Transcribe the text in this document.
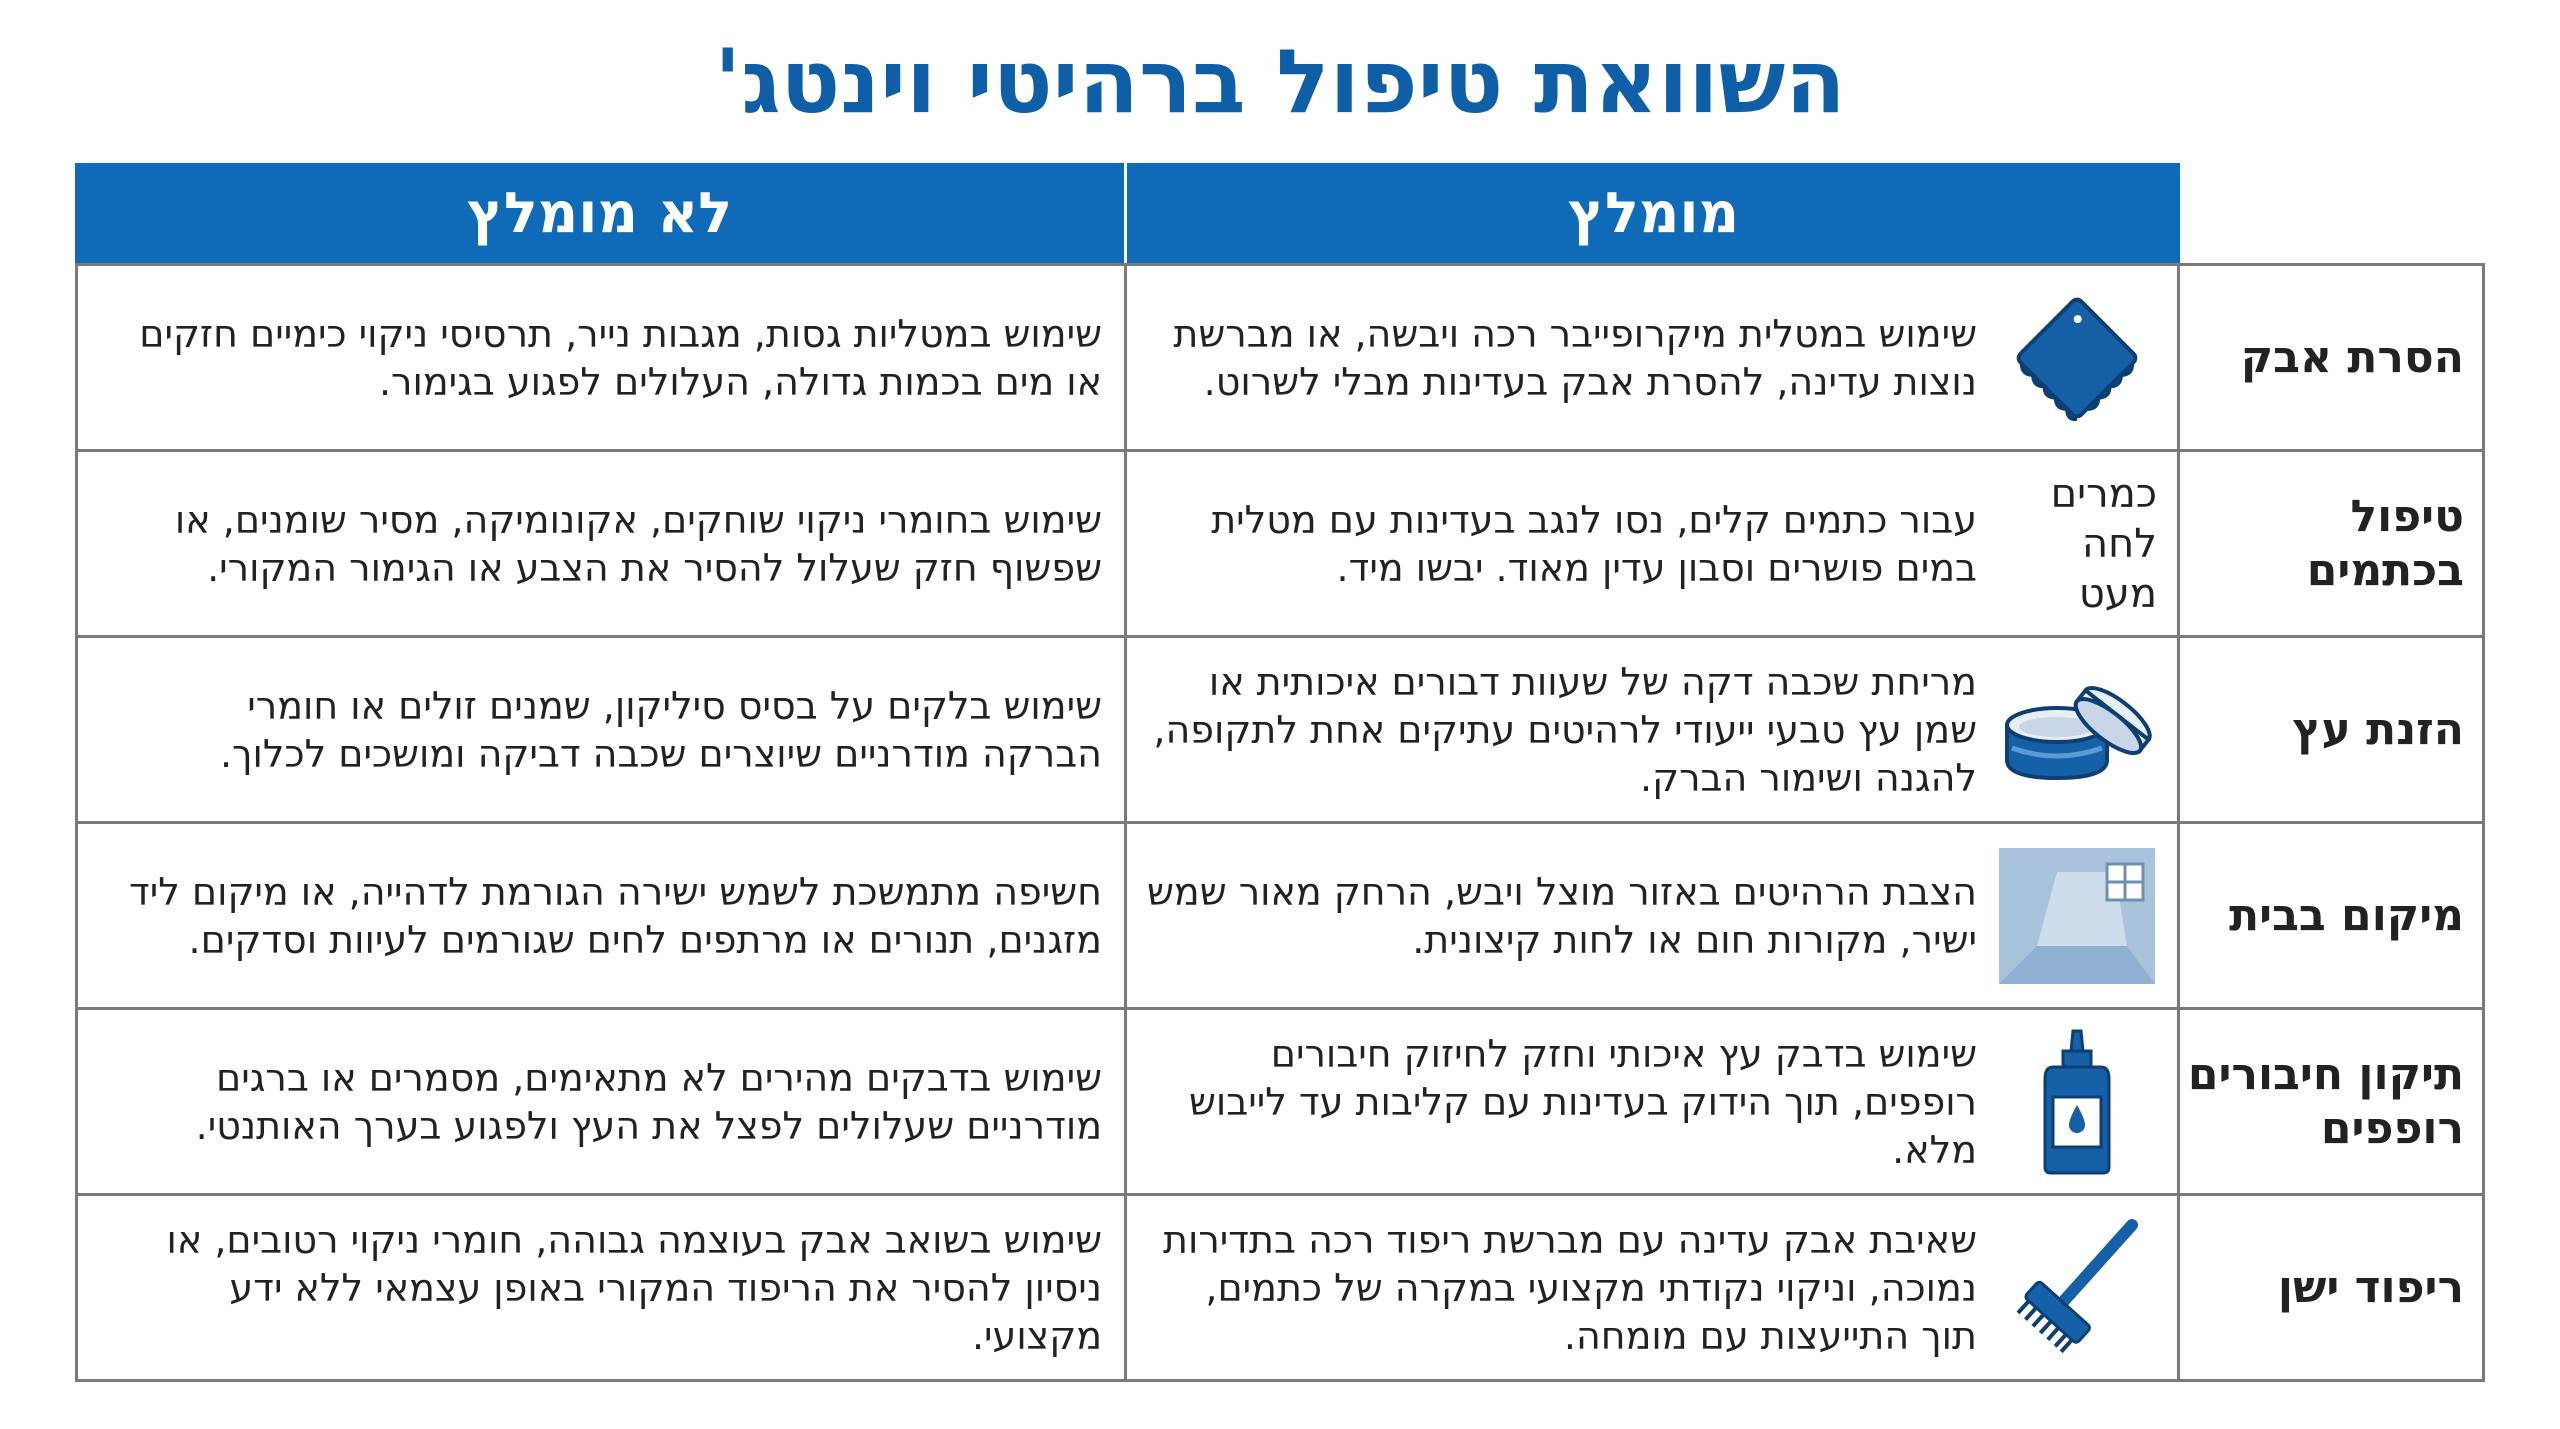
השוואת טיפול ברהיטי וינטג'
מומלץ
לא מומלץ
הסרת אבק
שימוש במטלית מיקרופייבר רכה ויבשה, או מברשת נוצות עדינה, להסרת אבק בעדינות מבלי לשרוט.
שימוש במטליות גסות, מגבות נייר, תרסיסי ניקוי כימיים חזקים או מים בכמות גדולה, העלולים לפגוע בגימור.
טיפול בכתמים
כמרים לחה מעט
עבור כתמים קלים, נסו לנגב בעדינות עם מטלית במים פושרים וסבון עדין מאוד. יבשו מיד.
שימוש בחומרי ניקוי שוחקים, אקונומיקה, מסיר שומנים, או שפשוף חזק שעלול להסיר את הצבע או הגימור המקורי.
הזנת עץ
מריחת שכבה דקה של שעוות דבורים איכותית או שמן עץ טבעי ייעודי לרהיטים עתיקים אחת לתקופה, להגנה ושימור הברק.
שימוש בלקים על בסיס סיליקון, שמנים זולים או חומרי הברקה מודרניים שיוצרים שכבה דביקה ומושכים לכלוך.
מיקום בבית
הצבת הרהיטים באזור מוצל ויבש, הרחק מאור שמש ישיר, מקורות חום או לחות קיצונית.
חשיפה מתמשכת לשמש ישירה הגורמת לדהייה, או מיקום ליד מזגנים, תנורים או מרתפים לחים שגורמים לעיוות וסדקים.
תיקון חיבורים רופפים
שימוש בדבק עץ איכותי וחזק לחיזוק חיבורים רופפים, תוך הידוק בעדינות עם קליבות עד לייבוש מלא.
שימוש בדבקים מהירים לא מתאימים, מסמרים או ברגים מודרניים שעלולים לפצל את העץ ולפגוע בערך האותנטי.
ריפוד ישן
שאיבת אבק עדינה עם מברשת ריפוד רכה בתדירות נמוכה, וניקוי נקודתי מקצועי במקרה של כתמים, תוך התייעצות עם מומחה.
שימוש בשואב אבק בעוצמה גבוהה, חומרי ניקוי רטובים, או ניסיון להסיר את הריפוד המקורי באופן עצמאי ללא ידע מקצועי.
